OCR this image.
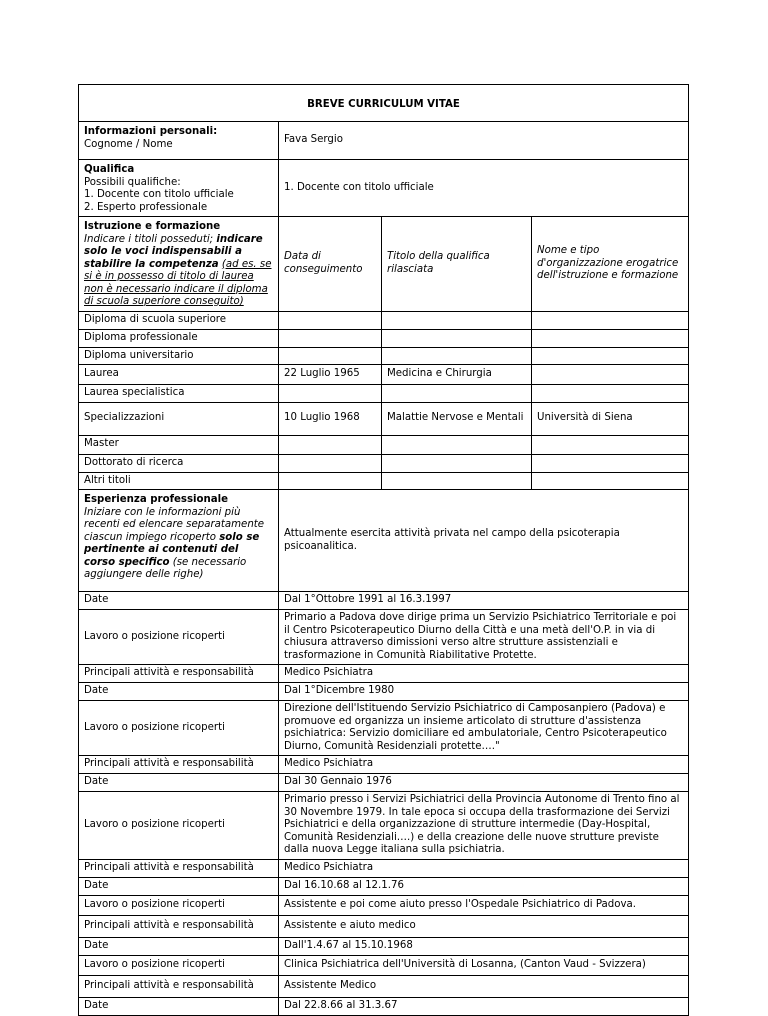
BREVE CURRICULUM VITAE			

Informazioni personali:
Cognome / Nome	Fava Sergio		

Qualifica
Possibili qualifiche:
1. Docente con titolo ufficiale
2. Esperto professionale	1. Docente con titolo ufficiale		

Istruzione e formazione
Indicare i titoli posseduti; indicare solo le voci indispensabili a stabilire la competenza (ad es. se si è in possesso di titolo di laurea non è necessario indicare il diploma di scuola superiore conseguito)	Data di conseguimento	Titolo della qualifica rilasciata	Nome e tipo d'organizzazione erogatrice dell'istruzione e formazione
Diploma di scuola superiore			
Diploma professionale			
Diploma universitario			
Laurea	22 Luglio 1965	Medicina e Chirurgia	
Laurea specialistica			
Specializzazioni	10 Luglio 1968	Malattie Nervose e Mentali	Università di Siena
Master			
Dottorato di ricerca			
Altri titoli			

Esperienza professionale
Iniziare con le informazioni più recenti ed elencare separatamente ciascun impiego ricoperto solo se pertinente ai contenuti del corso specifico (se necessario aggiungere delle righe)	Attualmente esercita attività privata nel campo della psicoterapia psicoanalitica.		
Date	Dal 1°Ottobre 1991 al 16.3.1997		
Lavoro o posizione ricoperti	Primario a Padova dove dirige prima un Servizio Psichiatrico Territoriale e poi il Centro Psicoterapeutico Diurno della Città e una metà dell'O.P. in via di chiusura attraverso dimissioni verso altre strutture assistenziali e trasformazione in Comunità Riabilitative Protette.		
Principali attività e responsabilità	Medico Psichiatra		
Date	Dal 1°Dicembre 1980		
Lavoro o posizione ricoperti	Direzione dell'Istituendo Servizio Psichiatrico di Camposanpiero (Padova) e promuove ed organizza un insieme articolato di strutture d'assistenza psichiatrica: Servizio domiciliare ed ambulatoriale, Centro Psicoterapeutico Diurno, Comunità Residenziali protette…."		
Principali attività e responsabilità	Medico Psichiatra		
Date	Dal 30 Gennaio 1976		
Lavoro o posizione ricoperti	Primario presso i Servizi Psichiatrici della Provincia Autonome di Trento fino al 30 Novembre 1979. In tale epoca si occupa della trasformazione dei Servizi Psichiatrici e della organizzazione di strutture intermedie (Day-Hospital, Comunità Residenziali….) e della creazione delle nuove strutture previste dalla nuova Legge italiana sulla psichiatria.		
Principali attività e responsabilità	Medico Psichiatra		
Date	Dal 16.10.68 al 12.1.76		
Lavoro o posizione ricoperti	Assistente e poi come aiuto presso l'Ospedale Psichiatrico di Padova.		
Principali attività e responsabilità	Assistente e aiuto medico		
Date	Dall'1.4.67 al 15.10.1968		
Lavoro o posizione ricoperti	Clinica Psichiatrica dell'Università di Losanna, (Canton Vaud - Svizzera)		
Principali attività e responsabilità	Assistente Medico		
Date	Dal 22.8.66 al 31.3.67		
